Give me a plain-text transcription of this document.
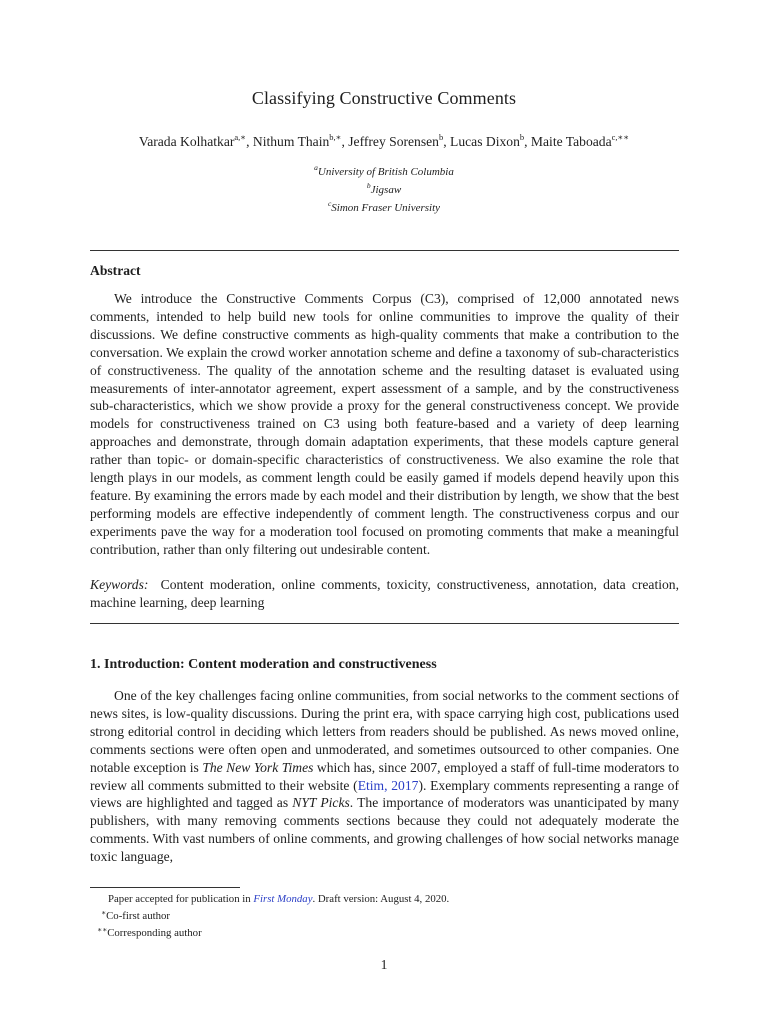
Classifying Constructive Comments
Varada Kolhatkar$^{a,∗}$, Nithum Thain$^{b,∗}$, Jeffrey Sorensen$^b$, Lucas Dixon$^b$, Maite Taboada$^{c,∗∗}$
$^a$University of British Columbia
$^b$Jigsaw
$^c$Simon Fraser University
Abstract
We introduce the Constructive Comments Corpus (C3), comprised of 12,000 annotated news comments, intended to help build new tools for online communities to improve the quality of their discussions. We define constructive comments as high-quality comments that make a contribution to the conversation. We explain the crowd worker annotation scheme and define a taxonomy of sub-characteristics of constructiveness. The quality of the annotation scheme and the resulting dataset is evaluated using measurements of inter-annotator agreement, expert assessment of a sample, and by the constructiveness sub-characteristics, which we show provide a proxy for the general constructiveness concept. We provide models for constructiveness trained on C3 using both feature-based and a variety of deep learning approaches and demonstrate, through domain adaptation experiments, that these models capture general rather than topic- or domain-specific characteristics of constructiveness. We also examine the role that length plays in our models, as comment length could be easily gamed if models depend heavily upon this feature. By examining the errors made by each model and their distribution by length, we show that the best performing models are effective independently of comment length. The constructiveness corpus and our experiments pave the way for a moderation tool focused on promoting comments that make a meaningful contribution, rather than only filtering out undesirable content.
Keywords: Content moderation, online comments, toxicity, constructiveness, annotation, data creation, machine learning, deep learning
1. Introduction: Content moderation and constructiveness
One of the key challenges facing online communities, from social networks to the comment sections of news sites, is low-quality discussions. During the print era, with space carrying high cost, publications used strong editorial control in deciding which letters from readers should be published. As news moved online, comments sections were often open and unmoderated, and sometimes outsourced to other companies. One notable exception is The New York Times which has, since 2007, employed a staff of full-time moderators to review all comments submitted to their website (Etim, 2017). Exemplary comments representing a range of views are highlighted and tagged as NYT Picks. The importance of moderators was unanticipated by many publishers, with many removing comments sections because they could not adequately moderate the comments. With vast numbers of online comments, and growing challenges of how social networks manage toxic language,
Paper accepted for publication in First Monday. Draft version: August 4, 2020.
∗Co-first author
∗∗Corresponding author
1
